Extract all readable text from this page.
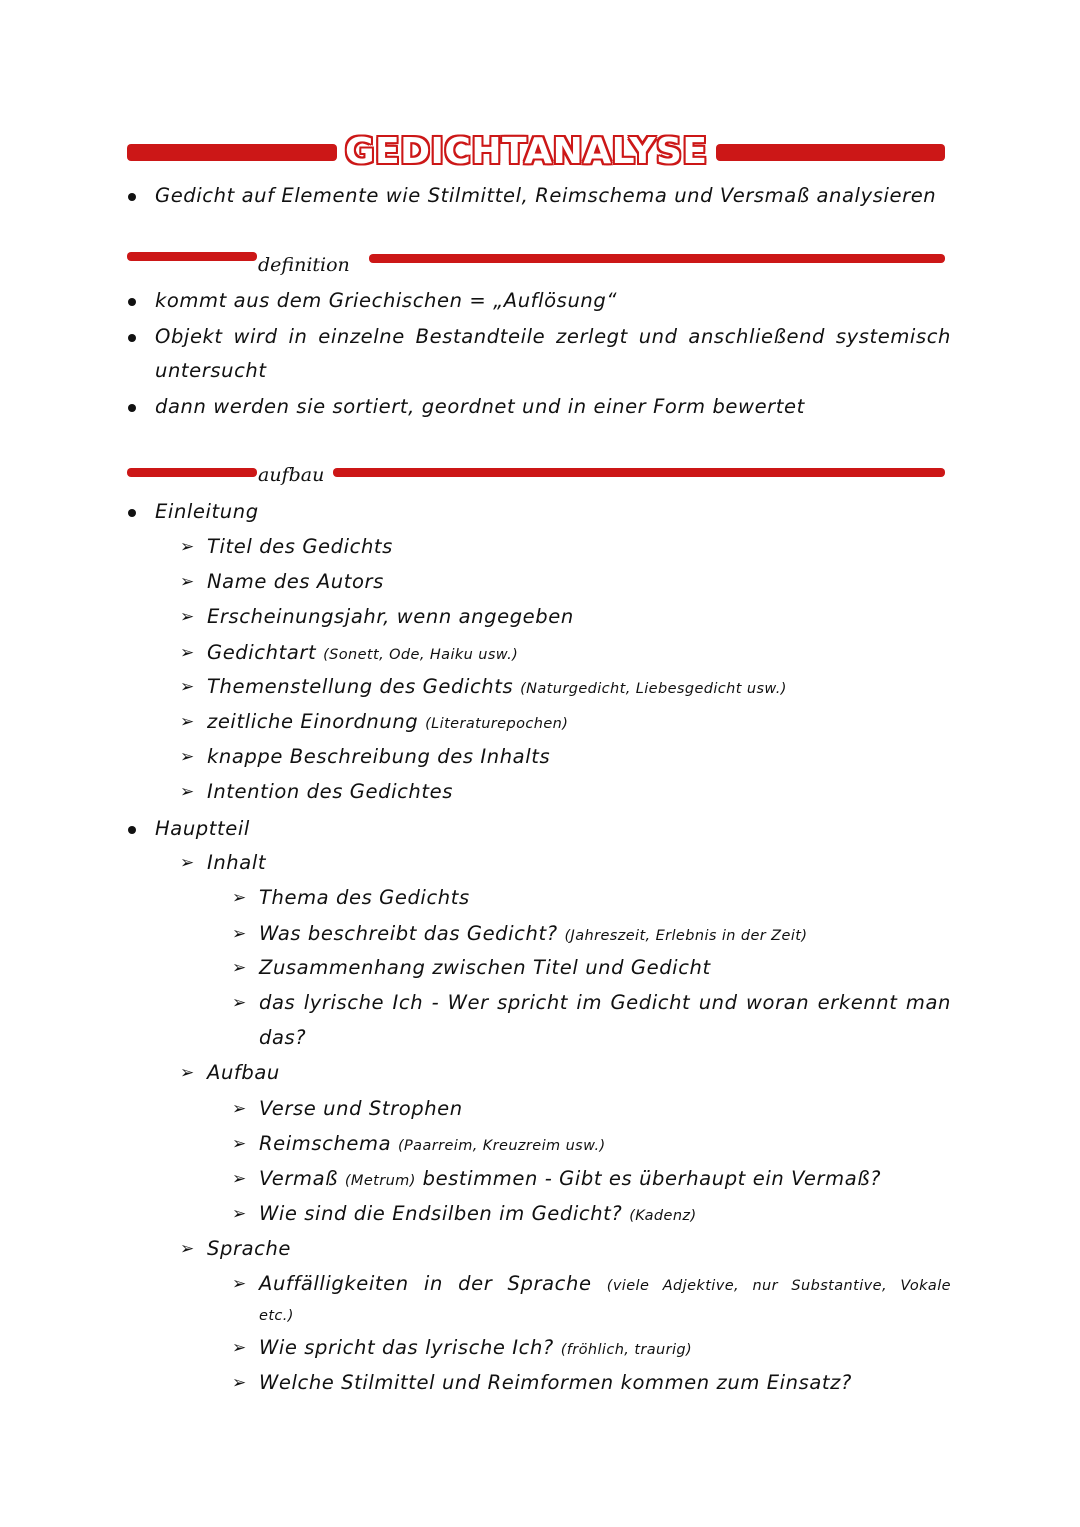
GEDICHTANALYSE
Gedicht auf Elemente wie Stilmittel, Reimschema und Versmaß analysieren
definition
kommt aus dem Griechischen = „Auflösung“
Objekt wird in einzelne Bestandteile zerlegt und anschließend systemisch
untersucht
dann werden sie sortiert, geordnet und in einer Form bewertet
aufbau
Einleitung
➢ Titel des Gedichts
➢ Name des Autors
➢ Erscheinungsjahr, wenn angegeben
➢ Gedichtart (Sonett, Ode, Haiku usw.)
➢ Themenstellung des Gedichts (Naturgedicht, Liebesgedicht usw.)
➢ zeitliche Einordnung (Literaturepochen)
➢ knappe Beschreibung des Inhalts
➢ Intention des Gedichtes
Hauptteil
➢ Inhalt
➢ Thema des Gedichts
➢ Was beschreibt das Gedicht? (Jahreszeit, Erlebnis in der Zeit)
➢ Zusammenhang zwischen Titel und Gedicht
➢ das lyrische Ich - Wer spricht im Gedicht und woran erkennt man
das?
➢ Aufbau
➢ Verse und Strophen
➢ Reimschema (Paarreim, Kreuzreim usw.)
➢ Vermaß (Metrum) bestimmen - Gibt es überhaupt ein Vermaß?
➢ Wie sind die Endsilben im Gedicht? (Kadenz)
➢ Sprache
➢ Auffälligkeiten in der Sprache (viele Adjektive, nur Substantive, Vokale
etc.)
➢ Wie spricht das lyrische Ich? (fröhlich, traurig)
➢ Welche Stilmittel und Reimformen kommen zum Einsatz?
